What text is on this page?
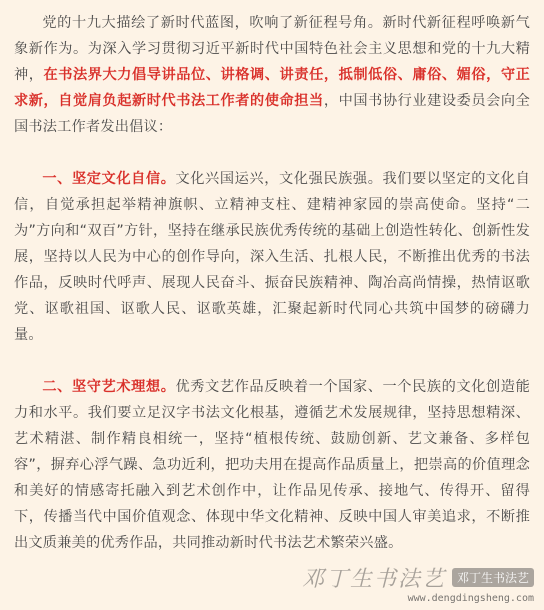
党的十九大描绘了新时代蓝图，吹响了新征程号角。新时代新征程呼唤新气象新作为。为深入学习贯彻习近平新时代中国特色社会主义思想和党的十九大精神，在书法界大力倡导讲品位、讲格调、讲责任，抵制低俗、庸俗、媚俗，守正求新，自觉肩负起新时代书法工作者的使命担当，中国书协行业建设委员会向全国书法工作者发出倡议：

一、坚定文化自信。文化兴国运兴，文化强民族强。我们要以坚定的文化自信，自觉承担起举精神旗帜、立精神支柱、建精神家园的崇高使命。坚持“二为”方向和“双百”方针，坚持在继承民族优秀传统的基础上创造性转化、创新性发展，坚持以人民为中心的创作导向，深入生活、扎根人民，不断推出优秀的书法作品，反映时代呼声、展现人民奋斗、振奋民族精神、陶冶高尚情操，热情讴歌党、讴歌祖国、讴歌人民、讴歌英雄，汇聚起新时代同心共筑中国梦的磅礴力量。

二、坚守艺术理想。优秀文艺作品反映着一个国家、一个民族的文化创造能力和水平。我们要立足汉字书法文化根基，遵循艺术发展规律，坚持思想精深、艺术精湛、制作精良相统一，坚持“植根传统、鼓励创新、艺文兼备、多样包容”，摒弃心浮气躁、急功近利，把功夫用在提高作品质量上，把崇高的价值理念和美好的情感寄托融入到艺术创作中，让作品见传承、接地气、传得开、留得下，传播当代中国价值观念、体现中华文化精神、反映中国人审美追求，不断推出文质兼美的优秀作品，共同推动新时代书法艺术繁荣兴盛。

邓丁生书法艺 邓丁生书法艺
www.dengdingsheng.com
